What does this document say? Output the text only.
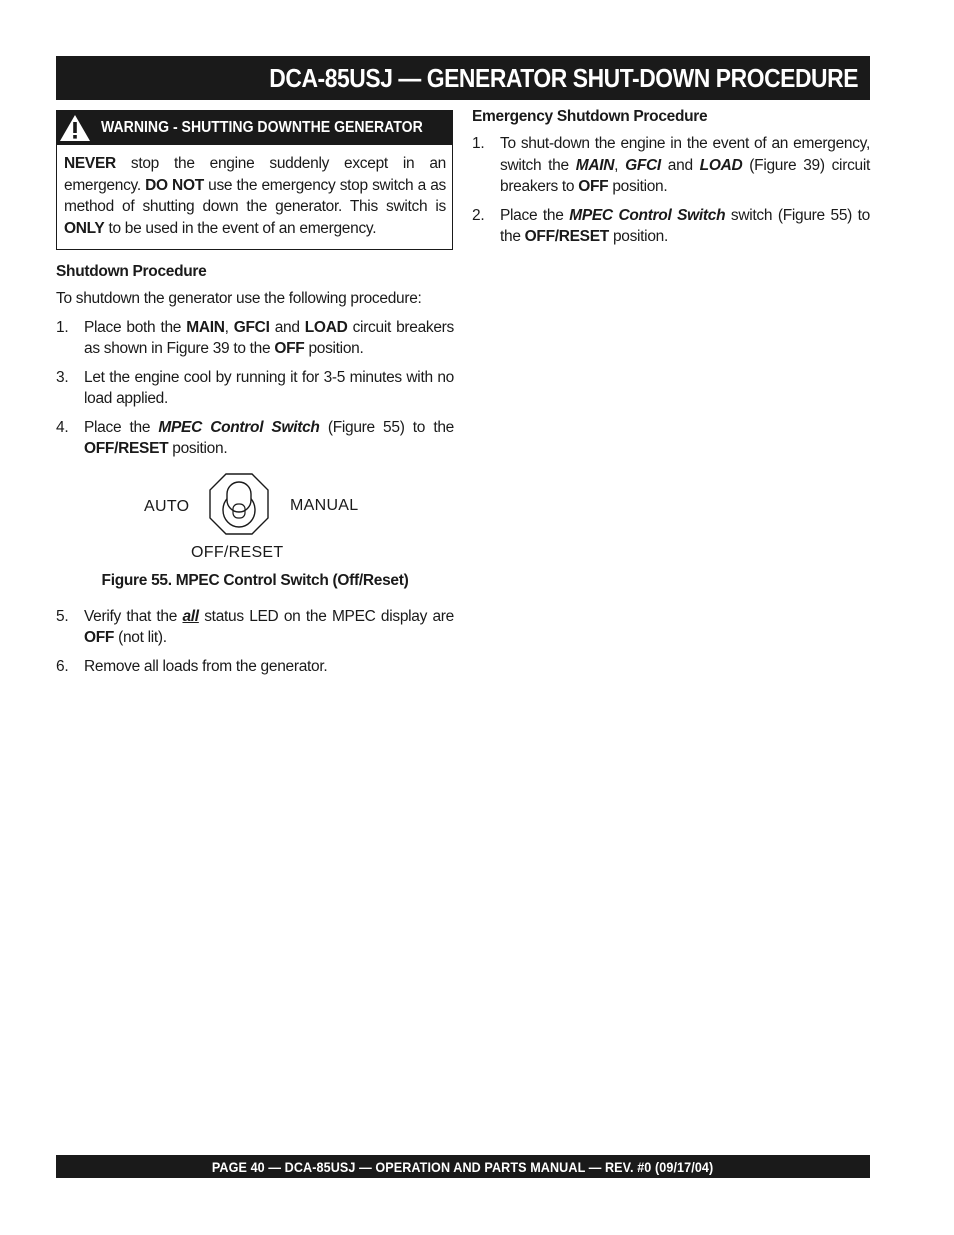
DCA-85USJ — GENERATOR SHUT-DOWN PROCEDURE
WARNING - SHUTTING DOWNTHE GENERATOR
NEVER stop the engine suddenly except in an emergency. DO NOT use the emergency stop switch a as method of shutting down the generator. This switch is ONLY to be used in the event of an emergency.
Shutdown Procedure
To shutdown the generator use the following procedure:
1.	Place both the MAIN, GFCI and LOAD circuit breakers as shown in Figure 39 to the OFF position.
3.	Let the engine cool by running it for 3-5 minutes with no load applied.
4.	Place the MPEC Control Switch (Figure 55) to the OFF/RESET position.
AUTO	MANUAL
OFF/RESET
Figure 55. MPEC Control Switch (Off/Reset)
5.	Verify that the all status LED on the MPEC display are OFF (not lit).
6.	Remove all loads from the generator.
Emergency Shutdown Procedure
1.	To shut-down the engine in the event of an emergency, switch the MAIN, GFCI and LOAD (Figure 39) circuit breakers to OFF position.
2.	Place the MPEC Control Switch switch (Figure 55) to the OFF/RESET position.
PAGE 40 — DCA-85USJ — OPERATION AND PARTS MANUAL — REV. #0 (09/17/04)
